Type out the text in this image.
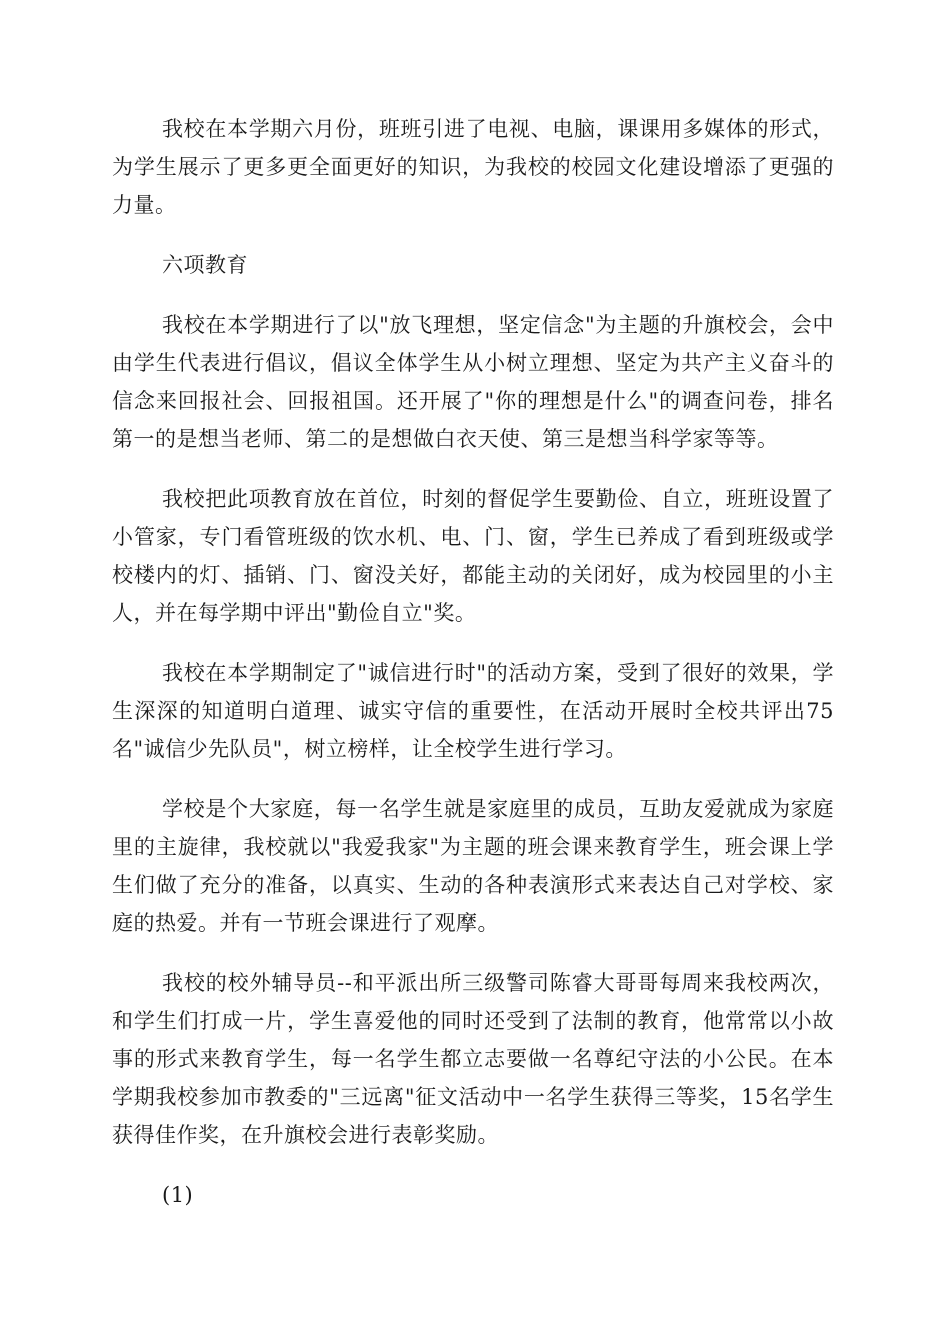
我校在本学期六月份，班班引进了电视、电脑，课课用多媒体的形式，为学生展示了更多更全面更好的知识，为我校的校园文化建设增添了更强的力量。

六项教育

我校在本学期进行了以"放飞理想，坚定信念"为主题的升旗校会，会中由学生代表进行倡议，倡议全体学生从小树立理想、坚定为共产主义奋斗的信念来回报社会、回报祖国。还开展了"你的理想是什么"的调查问卷，排名第一的是想当老师、第二的是想做白衣天使、第三是想当科学家等等。

我校把此项教育放在首位，时刻的督促学生要勤俭、自立，班班设置了小管家，专门看管班级的饮水机、电、门、窗，学生已养成了看到班级或学校楼内的灯、插销、门、窗没关好，都能主动的关闭好，成为校园里的小主人，并在每学期中评出"勤俭自立"奖。

我校在本学期制定了"诚信进行时"的活动方案，受到了很好的效果，学生深深的知道明白道理、诚实守信的重要性，在活动开展时全校共评出75名"诚信少先队员"，树立榜样，让全校学生进行学习。

学校是个大家庭，每一名学生就是家庭里的成员，互助友爱就成为家庭里的主旋律，我校就以"我爱我家"为主题的班会课来教育学生，班会课上学生们做了充分的准备，以真实、生动的各种表演形式来表达自己对学校、家庭的热爱。并有一节班会课进行了观摩。

我校的校外辅导员--和平派出所三级警司陈睿大哥哥每周来我校两次，和学生们打成一片，学生喜爱他的同时还受到了法制的教育，他常常以小故事的形式来教育学生，每一名学生都立志要做一名尊纪守法的小公民。在本学期我校参加市教委的"三远离"征文活动中一名学生获得三等奖，15名学生获得佳作奖，在升旗校会进行表彰奖励。

(1)
